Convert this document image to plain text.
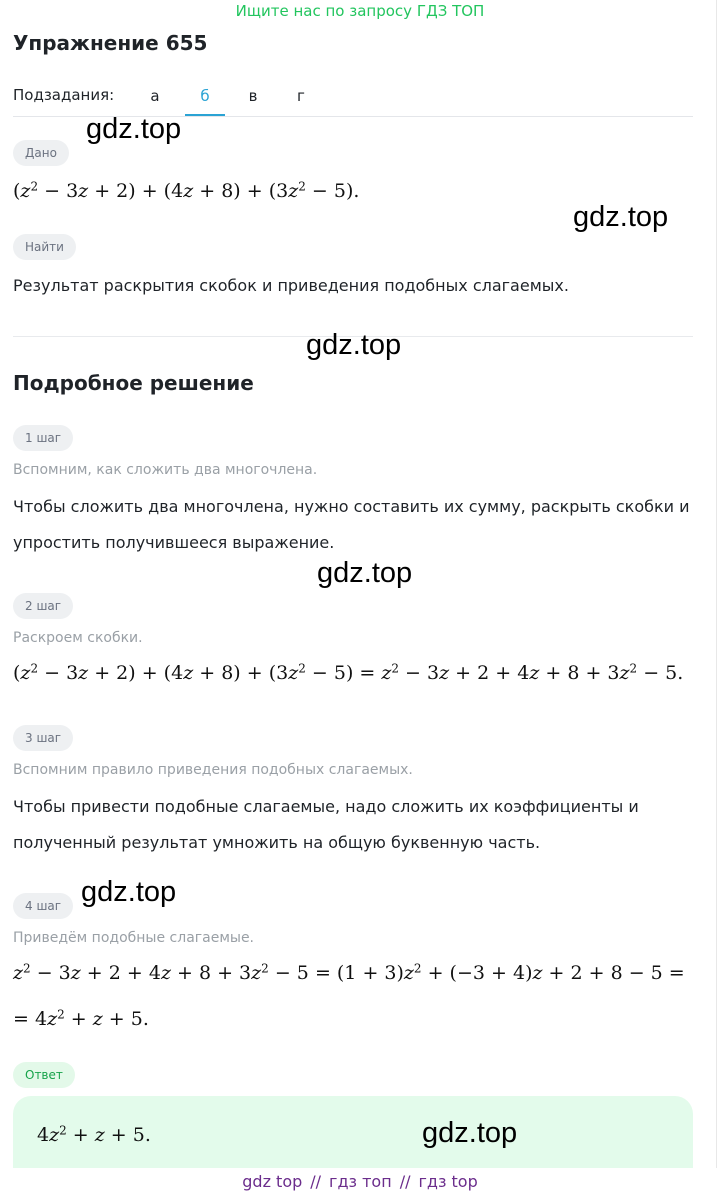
Ищите нас по запросу ГДЗ ТОП
Упражнение 655
Подзадания:	а	б	в	г
Дано
$(z^2 - 3z + 2) + (4z + 8) + (3z^2 - 5)$.
Найти
Результат раскрытия скобок и приведения подобных слагаемых.
Подробное решение
1 шаг
Вспомним, как сложить два многочлена.
Чтобы сложить два многочлена, нужно составить их сумму, раскрыть скобки и упростить получившееся выражение.
2 шаг
Раскроем скобки.
$(z^2 - 3z + 2) + (4z + 8) + (3z^2 - 5) = z^2 - 3z + 2 + 4z + 8 + 3z^2 - 5$.
3 шаг
Вспомним правило приведения подобных слагаемых.
Чтобы привести подобные слагаемые, надо сложить их коэффициенты и полученный результат умножить на общую буквенную часть.
4 шаг
Приведём подобные слагаемые.
$z^2 - 3z + 2 + 4z + 8 + 3z^2 - 5 = (1 + 3)z^2 + (-3 + 4)z + 2 + 8 - 5$ =
= $4z^2 + z + 5$.
Ответ
$4z^2 + z + 5$.
gdz.top
gdz.top
gdz.top
gdz.top
gdz.top
gdz.top
gdz top // гдз топ // гдз top
